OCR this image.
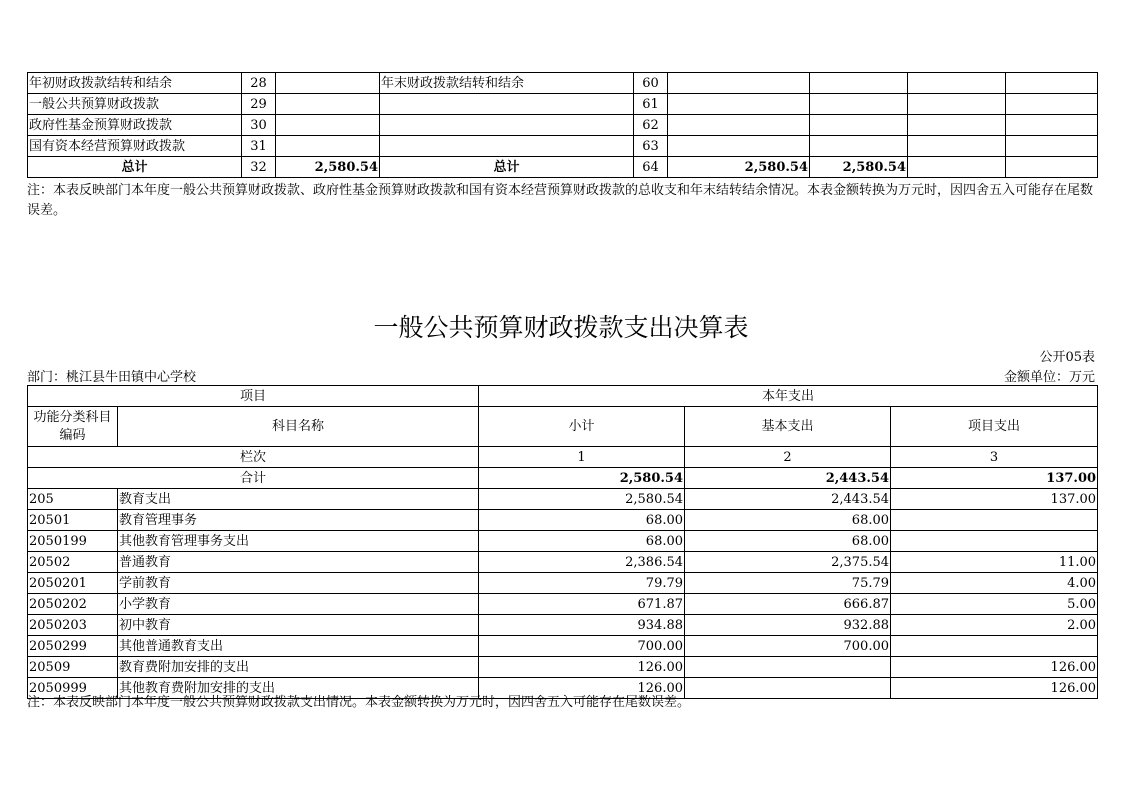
年初财政拨款结转和结余	28		年末财政拨款结转和结余	60				
一般公共预算财政拨款	29			61				
政府性基金预算财政拨款	30			62				
国有资本经营预算财政拨款	31			63				
总计	32	2,580.54	总计	64	2,580.54	2,580.54		
注：本表反映部门本年度一般公共预算财政拨款、政府性基金预算财政拨款和国有资本经营预算财政拨款的总收支和年末结转结余情况。本表金额转换为万元时，因四舍五入可能存在尾数误差。
一般公共预算财政拨款支出决算表
公开05表
部门：桃江县牛田镇中心学校	金额单位：万元
项目		本年支出		
功能分类科目编码	科目名称	小计	基本支出	项目支出
栏次		1	2	3
合计		2,580.54	2,443.54	137.00
205	教育支出	2,580.54	2,443.54	137.00
20501	教育管理事务	68.00	68.00	
2050199	其他教育管理事务支出	68.00	68.00	
20502	普通教育	2,386.54	2,375.54	11.00
2050201	学前教育	79.79	75.79	4.00
2050202	小学教育	671.87	666.87	5.00
2050203	初中教育	934.88	932.88	2.00
2050299	其他普通教育支出	700.00	700.00	
20509	教育费附加安排的支出	126.00		126.00
2050999	其他教育费附加安排的支出	126.00		126.00
注：本表反映部门本年度一般公共预算财政拨款支出情况。本表金额转换为万元时，因四舍五入可能存在尾数误差。
